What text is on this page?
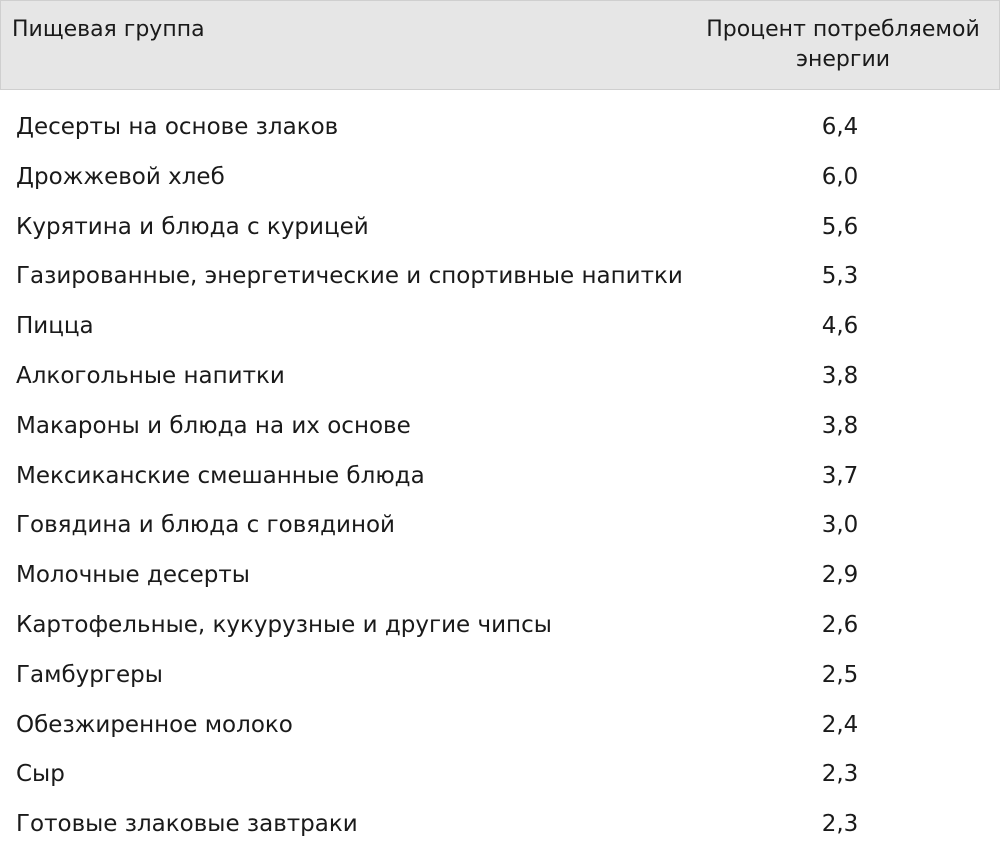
Пищевая группа	Процент потребляемой
энергии
Десерты на основе злаков	6,4
Дрожжевой хлеб	6,0
Курятина и блюда с курицей	5,6
Газированные, энергетические и спортивные напитки	5,3
Пицца	4,6
Алкогольные напитки	3,8
Макароны и блюда на их основе	3,8
Мексиканские смешанные блюда	3,7
Говядина и блюда с говядиной	3,0
Молочные десерты	2,9
Картофельные, кукурузные и другие чипсы	2,6
Гамбургеры	2,5
Обезжиренное молоко	2,4
Сыр	2,3
Готовые злаковые завтраки	2,3
